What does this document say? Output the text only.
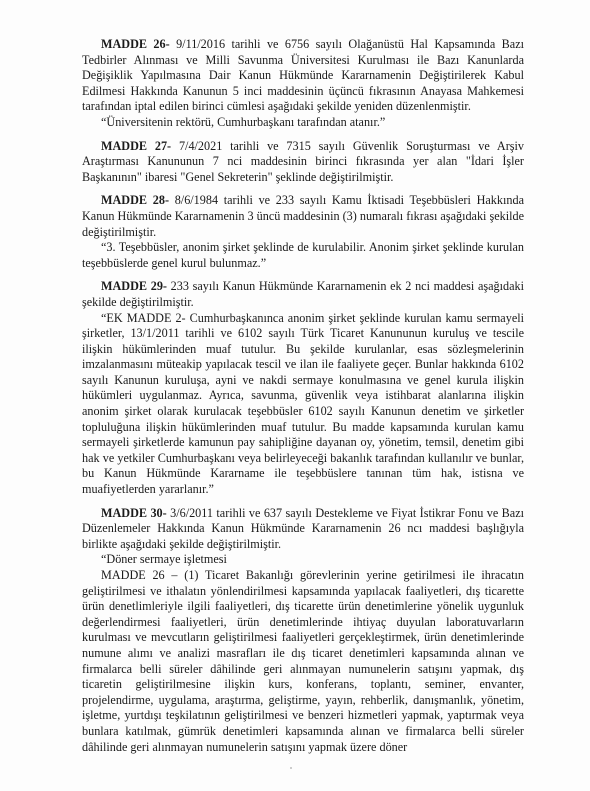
MADDE 26- 9/11/2016 tarihli ve 6756 sayılı Olağanüstü Hal Kapsamında Bazı Tedbirler Alınması ve Milli Savunma Üniversitesi Kurulması ile Bazı Kanunlarda Değişiklik Yapılmasına Dair Kanun Hükmünde Kararnamenin Değiştirilerek Kabul Edilmesi Hakkında Kanunun 5 inci maddesinin üçüncü fıkrasının Anayasa Mahkemesi tarafından iptal edilen birinci cümlesi aşağıdaki şekilde yeniden düzenlenmiştir.

“Üniversitenin rektörü, Cumhurbaşkanı tarafından atanır.”

MADDE 27- 7/4/2021 tarihli ve 7315 sayılı Güvenlik Soruşturması ve Arşiv Araştırması Kanununun 7 nci maddesinin birinci fıkrasında yer alan "İdari İşler Başkanının" ibaresi "Genel Sekreterin" şeklinde değiştirilmiştir.

MADDE 28- 8/6/1984 tarihli ve 233 sayılı Kamu İktisadi Teşebbüsleri Hakkında Kanun Hükmünde Kararnamenin 3 üncü maddesinin (3) numaralı fıkrası aşağıdaki şekilde değiştirilmiştir.

“3. Teşebbüsler, anonim şirket şeklinde de kurulabilir. Anonim şirket şeklinde kurulan teşebbüslerde genel kurul bulunmaz.”

MADDE 29- 233 sayılı Kanun Hükmünde Kararnamenin ek 2 nci maddesi aşağıdaki şekilde değiştirilmiştir.

“EK MADDE 2- Cumhurbaşkanınca anonim şirket şeklinde kurulan kamu sermayeli şirketler, 13/1/2011 tarihli ve 6102 sayılı Türk Ticaret Kanununun kuruluş ve tescile ilişkin hükümlerinden muaf tutulur. Bu şekilde kurulanlar, esas sözleşmelerinin imzalanmasını müteakip yapılacak tescil ve ilan ile faaliyete geçer. Bunlar hakkında 6102 sayılı Kanunun kuruluşa, ayni ve nakdi sermaye konulmasına ve genel kurula ilişkin hükümleri uygulanmaz. Ayrıca, savunma, güvenlik veya istihbarat alanlarına ilişkin anonim şirket olarak kurulacak teşebbüsler 6102 sayılı Kanunun denetim ve şirketler topluluğuna ilişkin hükümlerinden muaf tutulur. Bu madde kapsamında kurulan kamu sermayeli şirketlerde kamunun pay sahipliğine dayanan oy, yönetim, temsil, denetim gibi hak ve yetkiler Cumhurbaşkanı veya belirleyeceği bakanlık tarafından kullanılır ve bunlar, bu Kanun Hükmünde Kararname ile teşebbüslere tanınan tüm hak, istisna ve muafiyetlerden yararlanır.”

MADDE 30- 3/6/2011 tarihli ve 637 sayılı Destekleme ve Fiyat İstikrar Fonu ve Bazı Düzenlemeler Hakkında Kanun Hükmünde Kararnamenin 26 ncı maddesi başlığıyla birlikte aşağıdaki şekilde değiştirilmiştir.

“Döner sermaye işletmesi

MADDE 26 – (1) Ticaret Bakanlığı görevlerinin yerine getirilmesi ile ihracatın geliştirilmesi ve ithalatın yönlendirilmesi kapsamında yapılacak faaliyetleri, dış ticarette ürün denetlimleriyle ilgili faaliyetleri, dış ticarette ürün denetimlerine yönelik uygunluk değerlendirmesi faaliyetleri, ürün denetimlerinde ihtiyaç duyulan laboratuvarların kurulması ve mevcutların geliştirilmesi faaliyetleri gerçekleştirmek, ürün denetimlerinde numune alımı ve analizi masrafları ile dış ticaret denetimleri kapsamında alınan ve firmalarca belli süreler dâhilinde geri alınmayan numunelerin satışını yapmak, dış ticaretin geliştirilmesine ilişkin kurs, konferans, toplantı, seminer, envanter, projelendirme, uygulama, araştırma, geliştirme, yayın, rehberlik, danışmanlık, yönetim, işletme, yurtdışı teşkilatının geliştirilmesi ve benzeri hizmetleri yapmak, yaptırmak veya bunlara katılmak, gümrük denetimleri kapsamında alınan ve firmalarca belli süreler dâhilinde geri alınmayan numunelerin satışını yapmak üzere döner
